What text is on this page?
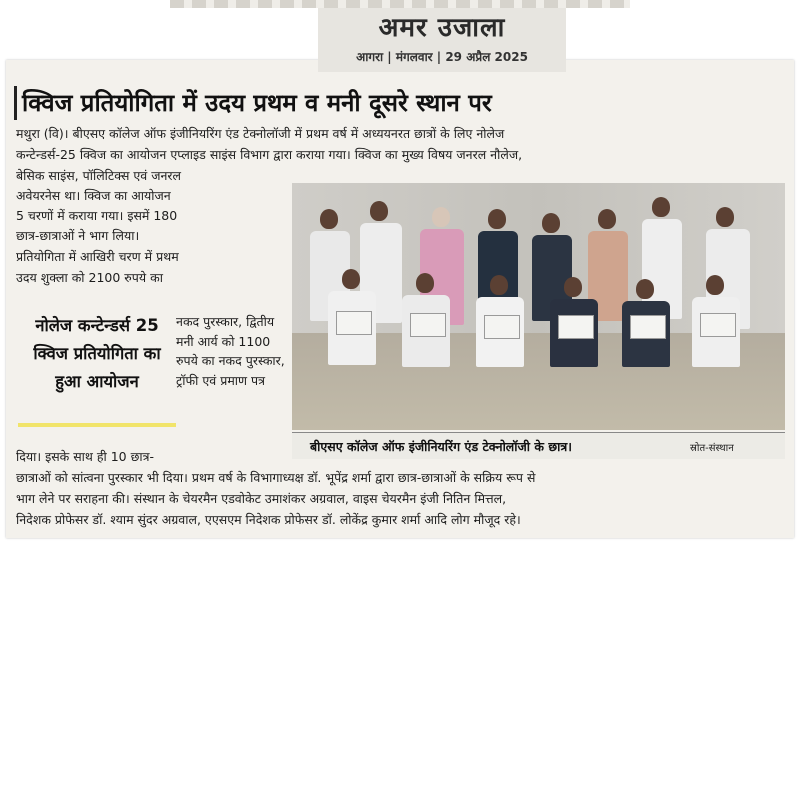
अमर उजाला
आगरा | मंगलवार | 29 अप्रैल 2025
क्विज प्रतियोगिता में उदय प्रथम व मनी दूसरे स्थान पर
मथुरा (वि)। बीएसए कॉलेज ऑफ इंजीनियरिंग एंड टेक्नोलॉजी में प्रथम वर्ष में अध्ययनरत छात्रों के लिए नोलेज
कन्टेन्डर्स-25 क्विज का आयोजन एप्लाइड साइंस विभाग द्वारा कराया गया। क्विज का मुख्य विषय जनरल नौलेज,
बेसिक साइंस, पॉलिटिक्स एवं जनरल
अवेयरनेस था। क्विज का आयोजन
5 चरणों में कराया गया। इसमें 180
छात्र-छात्राओं ने भाग लिया।
प्रतियोगिता में आखिरी चरण में प्रथम
उदय शुक्ला को 2100 रुपये का
नोलेज कन्टेन्डर्स 25 क्विज प्रतियोगिता का हुआ आयोजन
नकद पुरस्कार, द्वितीय मनी आर्य को 1100 रुपये का नकद पुरस्कार, ट्रॉफी एवं प्रमाण पत्र
बीएसए कॉलेज ऑफ इंजीनियरिंग एंड टेक्नोलॉजी के छात्र।	स्रोत-संस्थान
दिया। इसके साथ ही 10 छात्र-
छात्राओं को सांत्वना पुरस्कार भी दिया। प्रथम वर्ष के विभागाध्यक्ष डॉ. भूपेंद्र शर्मा द्वारा छात्र-छात्राओं के सक्रिय रूप से
भाग लेने पर सराहना की। संस्थान के चेयरमैन एडवोकेट उमाशंकर अग्रवाल, वाइस चेयरमैन इंजी नितिन मित्तल,
निदेशक प्रोफेसर डॉ. श्याम सुंदर अग्रवाल, एएसएम निदेशक प्रोफेसर डॉ. लोकेंद्र कुमार शर्मा आदि लोग मौजूद रहे।
